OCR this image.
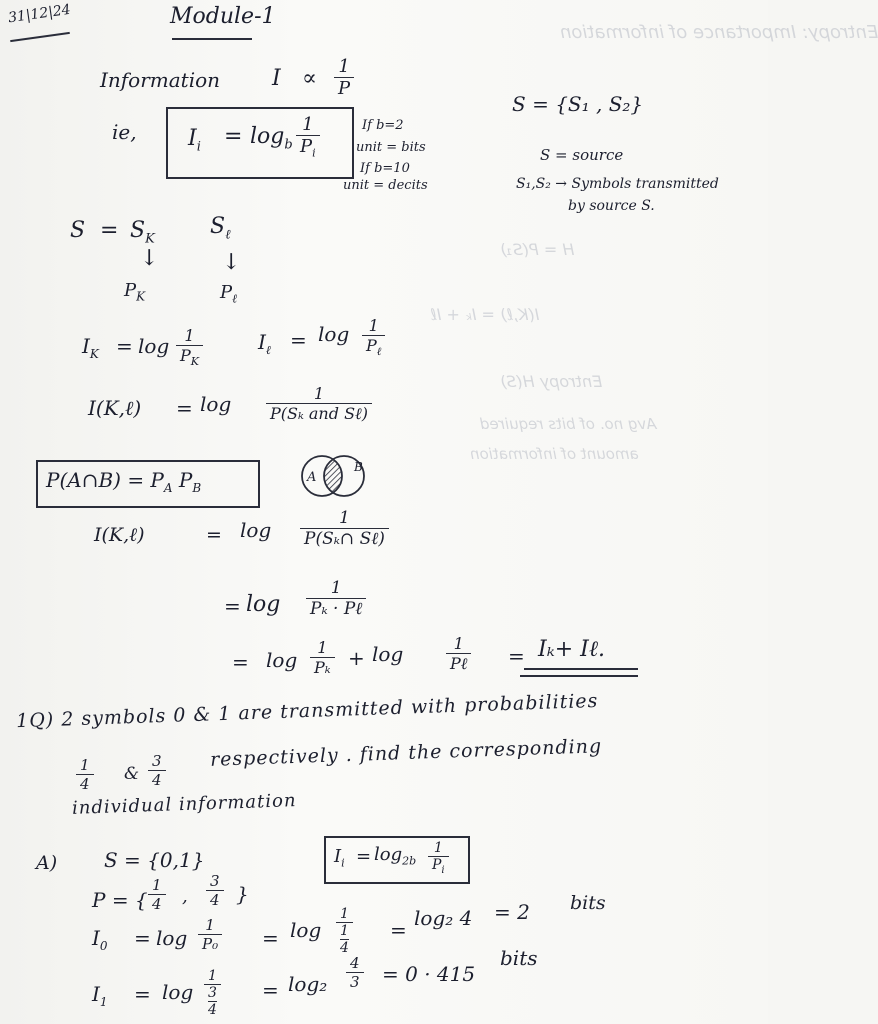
Entropy: Importance of information
H = P(S₁)
I(K,ℓ) = Iₖ + Iℓ
Entropy H(S)
Avg no. of bits required
amount of information
31|12|24	Module-1
Information $I \propto \frac{1}{P}$
ie, $I_i = \log_b \frac{1}{P_i}$	If b=2
unit = bits
If b=10
unit = decits
S = {S₁ , S₂}
S = source
S₁,S₂ → Symbols transmitted
by source S.
$S = S_K$	$S_\ell$
↓	↓
$P_K$	$P_\ell$
$I_K = \log \frac{1}{P_K}$	$I_\ell = \log$	1
$P_\ell$
I(K,ℓ) = log	1
P(Sₖ and Sℓ)
P(A∩B) = $P_A$ $P_B$
A
B
I(K,ℓ)	= log	1
P(Sₖ∩ Sℓ)
= log
1
Pₖ · Pℓ
= $\log \frac{1}{\text{Pₖ}} + \log$	1
Pℓ = Iₖ+ Iℓ.
1Q) 2 symbols 0 & 1 are transmitted with probabilities
$\frac{1}{4}$ & $\frac{3}{4}$ respectively . find the corresponding
individual information
A) S = {0,1}	$I_i = \log_{2b} \frac{1}{P_i}$
P = { $\frac{1}{4}$ , $\frac{3}{4}$ }
$I_0 = \log \frac{1}{\text{P₀}} = \log 1$
1
4 = log₂ 4 = 2 bits
$I_1 = \log 1$
3
$4 = \log_2 \frac{4}{3} = 0 \cdot 415$
bits
